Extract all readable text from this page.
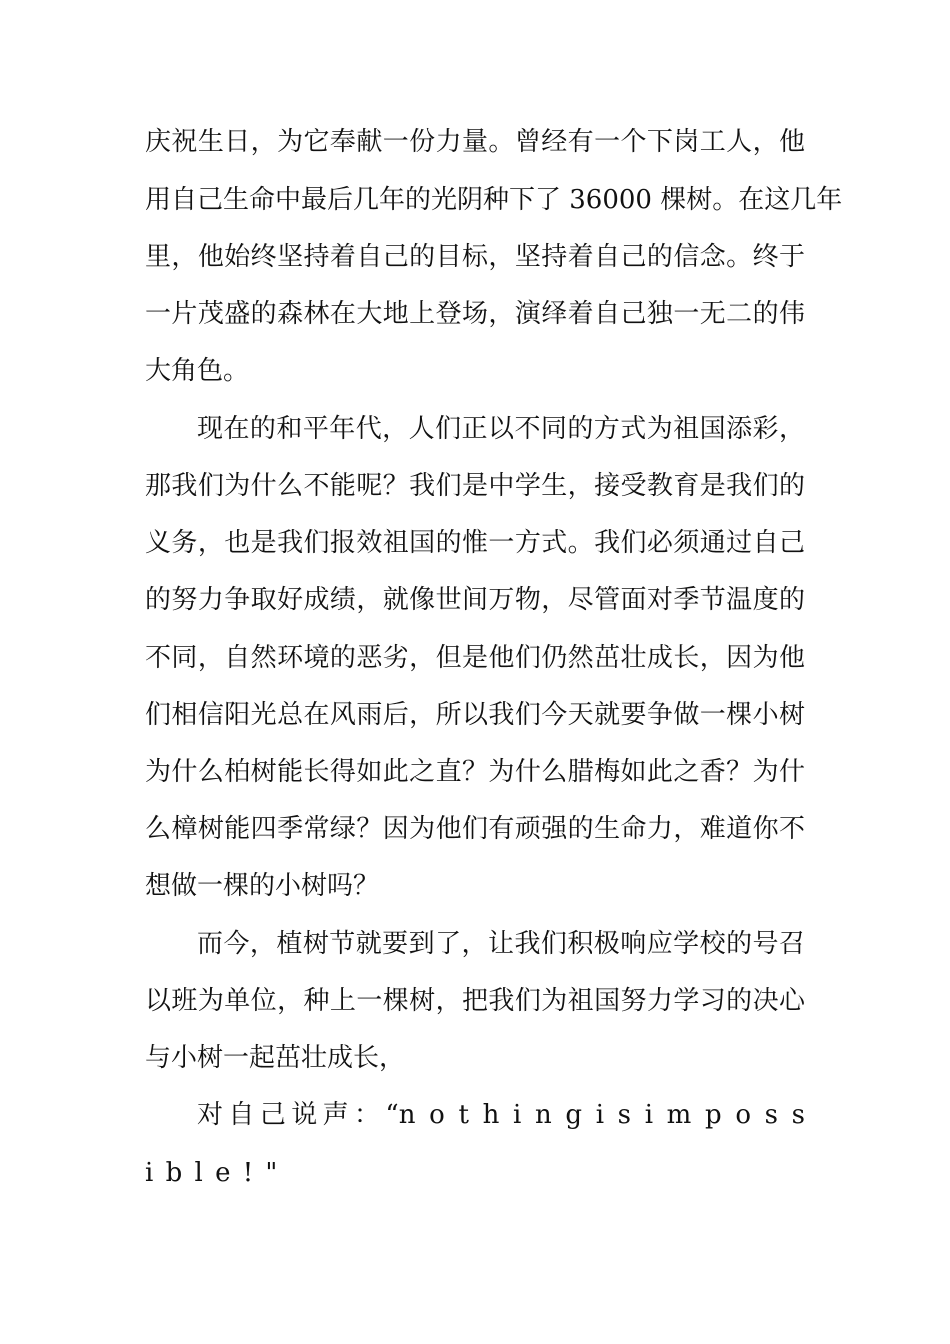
庆祝生日，为它奉献一份力量。曾经有一个下岗工人，他
用自己生命中最后几年的光阴种下了 36000 棵树。在这几年
里，他始终坚持着自己的目标，坚持着自己的信念。终于
一片茂盛的森林在大地上登场，演绎着自己独一无二的伟
大角色。
现在的和平年代，人们正以不同的方式为祖国添彩，
那我们为什么不能呢？我们是中学生，接受教育是我们的
义务，也是我们报效祖国的惟一方式。我们必须通过自己
的努力争取好成绩，就像世间万物，尽管面对季节温度的
不同，自然环境的恶劣，但是他们仍然茁壮成长，因为他
们相信阳光总在风雨后，所以我们今天就要争做一棵小树
为什么柏树能长得如此之直？为什么腊梅如此之香？为什
么樟树能四季常绿？因为他们有顽强的生命力，难道你不
想做一棵的小树吗？
而今，植树节就要到了，让我们积极响应学校的号召
以班为单位，种上一棵树，把我们为祖国努力学习的决心
与小树一起茁壮成长，
对自己说声：“n o t h i n g i s i m p o s s
i b l e ! "
